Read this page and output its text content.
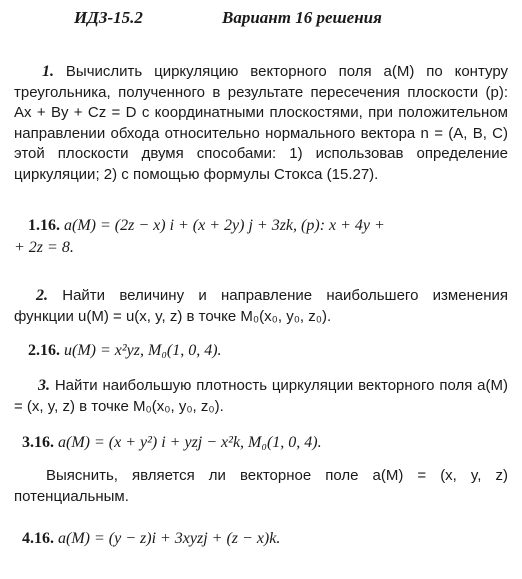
ИДЗ-15.2	Вариант 16 решения
1. Вычислить циркуляцию векторного поля a(M) по контуру треугольника, полученного в результате пересечения плоскости (p): Ax + By + Cz = D с координатными плоскостями, при положительном направлении обхода относительно нормального вектора n = (A, B, C) этой плоскости двумя способами: 1) использовав определение циркуляции; 2) с помощью формулы Стокса (15.27).
1.16. a(M) = (2z − x) i + (x + 2y) j + 3zk, (p): x + 4y +
+ 2z = 8.
2. Найти величину и направление наибольшего изменения функции u(M) = u(x, y, z) в точке M₀(x₀, y₀, z₀).
2.16. u(M) = x²yz, M₀(1, 0, 4).
3. Найти наибольшую плотность циркуляции векторного поля a(M) = (x, y, z) в точке M₀(x₀, y₀, z₀).
3.16. a(M) = (x + y²) i + yzj − x²k, M₀(1, 0, 4).
Выяснить, является ли векторное поле a(M) = (x, y, z) потенциальным.
4.16. a(M) = (y − z)i + 3xyzj + (z − x)k.
